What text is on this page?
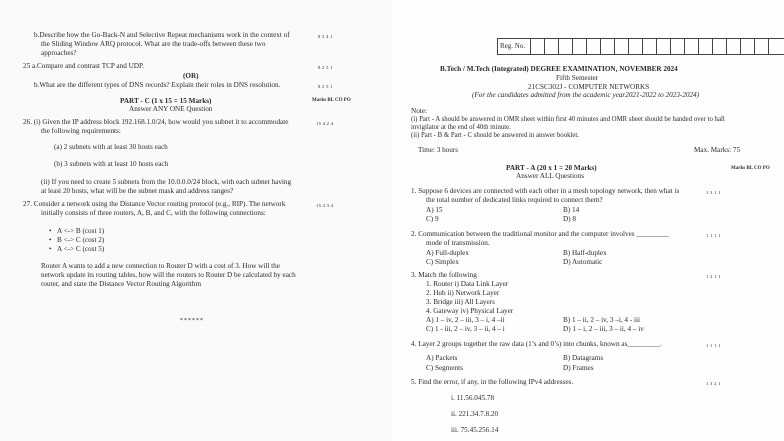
b.Describe how the Go-Back-N and Selective Repeat mechanisms work in the context of
the Sliding Window ARQ protocol. What are the trade-offs between these two
approaches?
8 3 4 1
25 a.Compare and contrast TCP and UDP.	8 2 5 1
(OR)
b.What are the different types of DNS records? Explain their roles in DNS resolution.	8 2 5 1
PART - C (1 x 15 = 15 Marks)
Answer ANY ONE Question
Marks BL CO PO
26. (i) Given the IP address block 192.168.1.0/24, how would you subnet it to accommodate
the following requirements:
15 4 2 4
(a) 2 subnets with at least 30 hosts each
(b) 3 subnets with at least 10 hosts each
(ii) If you need to create 5 subnets from the 10.0.0.0/24 block, with each subnet having
at least 20 hosts, what will be the subnet mask and address ranges?
27. Consider a network using the Distance Vector routing protocol (e.g., RIP). The network
initially consists of three routers, A, B, and C, with the following connections:
15 4 3 4
• A <-> B (cost 1)
• B <-> C (cost 2)
• A <-> C (cost 5)
Router A wants to add a new connection to Router D with a cost of 3. How will the
network update its routing tables, how will the routers to Router D be calculated by each
router, and state the Distance Vector Routing Algorithm
******
Reg. No.
B.Tech / M.Tech (Integrated) DEGREE EXAMINATION, NOVEMBER 2024
Fifth Semester
21CSC302J - COMPUTER NETWORKS
(For the candidates admitted from the academic year2021-2022 to 2023-2024)
Note:
(i) Part - A should be answered in OMR sheet within first 40 minutes and OMR sheet should be handed over to hall
invigilator at the end of 40th minute.
(ii) Part - B & Part - C should be answered in answer booklet.
Time: 3 hours	Max. Marks: 75
PART - A (20 x 1 = 20 Marks)
Answer ALL Questions
Marks BL CO PO
1. Suppose 6 devices are connected with each other in a mesh topology network, then what is
the total number of dedicated links required to connect them?
1 3 1 1
A) 15	B) 14
C) 9	D) 8
2. Communication between the traditional monitor and the computer involves _________
mode of transmission.
1 1 1 1
A) Full-duplex	B) Half-duplex
C) Simplex	D) Automatic
3. Match the following	1 2 1 1
1. Router i) Data Link Layer
2. Hub ii) Network Layer
3. Bridge iii) All Layers
4. Gateway iv) Physical Layer
A) 1 – iv, 2 – iii, 3 – i, 4 –ii	B) 1 – ii, 2 – iv, 3 –i, 4 - iii
C) 1 - iii, 2 – iv, 3 – ii, 4 – i	D) 1 – i, 2 – iii, 3 – ii, 4 – iv
4. Layer 2 groups together the raw data (1’s and 0’s) into chunks, known as_________.	1 1 1 1
A) Packets	B) Datagrams
C) Segments	D) Frames
5. Find the error, if any, in the following IPv4 addresses.	1 3 2 1
i. 11.56.045.78
ii. 221.34.7.8.20
iii. 75.45.256.14
